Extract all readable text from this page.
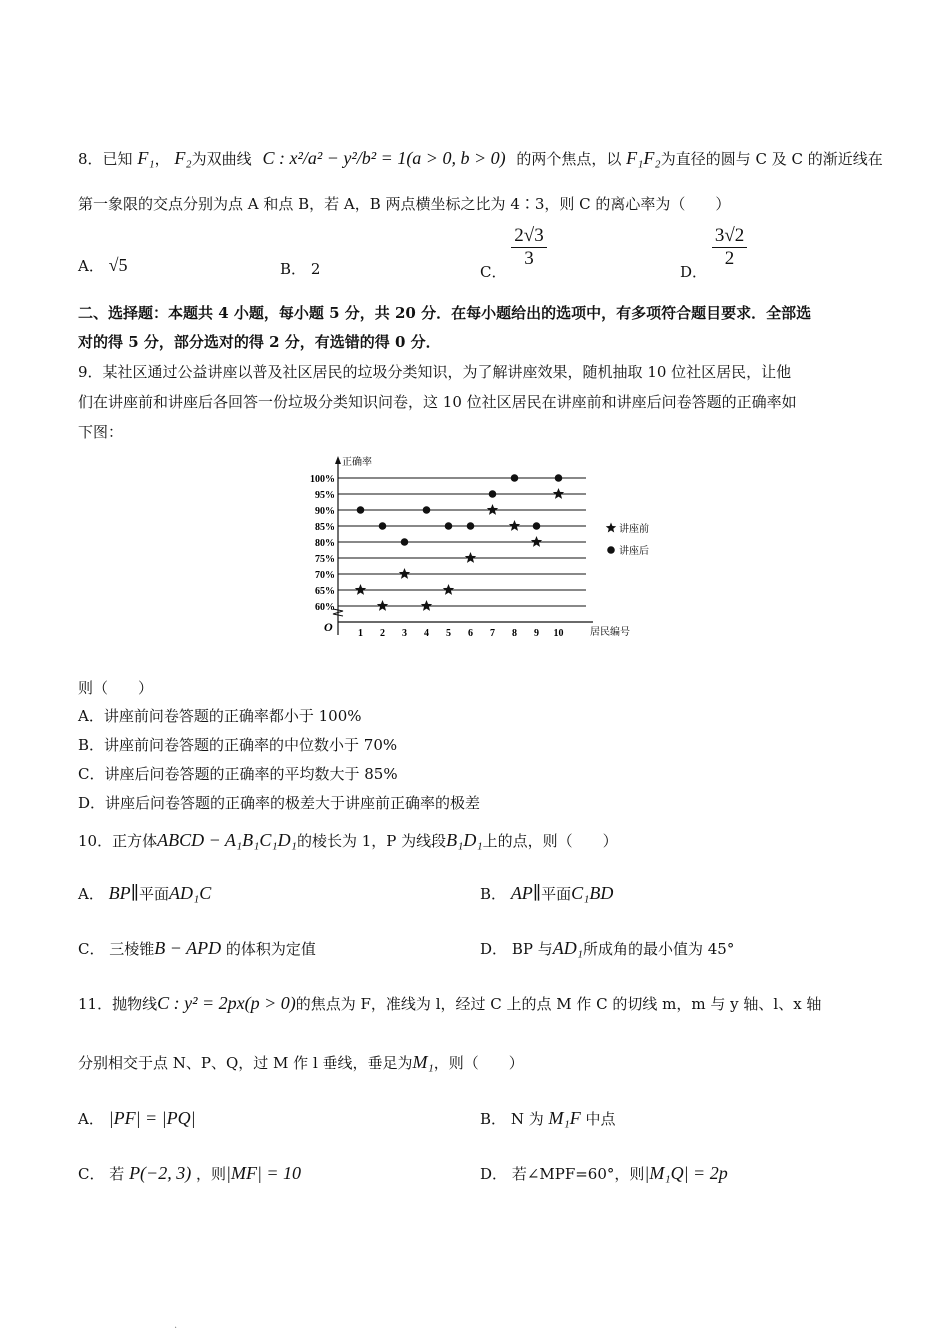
8．已知 F₁， F₂为双曲线 C : x²/a² − y²/b² = 1(a > 0, b > 0) 的两个焦点，以 F₁F₂为直径的圆与 C 及 C 的渐近线在
第一象限的交点分别为点 A 和点 B，若 A，B 两点横坐标之比为 4∶3，则 C 的离心率为（　　）
A． √5	B． 2	C．
$\frac{2√3}{3}$
D．
$\frac{3√2}{2}$
二、选择题：本题共 4 小题，每小题 5 分，共 20 分．在每小题给出的选项中，有多项符合题目要求．全部选
对的得 5 分，部分选对的得 2 分，有选错的得 0 分．
9．某社区通过公益讲座以普及社区居民的垃圾分类知识，为了解讲座效果，随机抽取 10 位社区居民，让他
们在讲座前和讲座后各回答一份垃圾分类知识问卷，这 10 位社区居民在讲座前和讲座后问卷答题的正确率如
下图：
正确率
居民编号
O
60%
65%
70%
75%
80%
85%
90%
95%
100%
1 2 3 4 5 6 7 8 9 10
讲座前
讲座后
则（　　）
A．讲座前问卷答题的正确率都小于 100%
B．讲座前问卷答题的正确率的中位数小于 70%
C．讲座后问卷答题的正确率的平均数大于 85%
D．讲座后问卷答题的正确率的极差大于讲座前正确率的极差
10．正方体ABCD − A₁B₁C₁D₁的棱长为 1，P 为线段B₁D₁上的点，则（　　）
A． BP∥平面AD₁C	B． AP∥平面C₁BD
C． 三棱锥B − APD 的体积为定值	D． BP 与AD₁所成角的最小值为 45°
11．抛物线C : y² = 2px(p > 0)的焦点为 F，准线为 l，经过 C 上的点 M 作 C 的切线 m，m 与 y 轴、l、x 轴
分别相交于点 N、P、Q，过 M 作 l 垂线，垂足为M₁，则（　　）
A． |PF| = |PQ|	B． N 为 M₁F 中点
C． 若 P(−2, 3) ，则|MF| = 10	D． 若∠MPF=60°，则|M₁Q| = 2p
.
